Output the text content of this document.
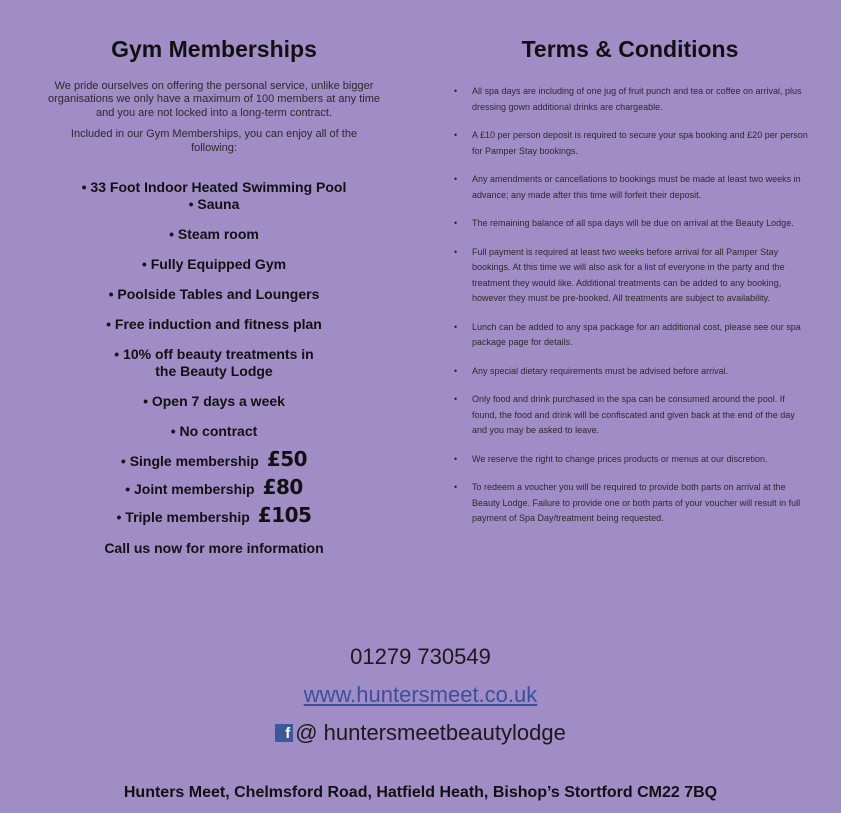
Gym Memberships

We pride ourselves on offering the personal service, unlike bigger organisations we only have a maximum of 100 members at any time and you are not locked into a long-term contract.

Included in our Gym Memberships, you can enjoy all of the following:

• 33 Foot Indoor Heated Swimming Pool
• Sauna
• Steam room
• Fully Equipped Gym
• Poolside Tables and Loungers
• Free induction and fitness plan
• 10% off beauty treatments in the Beauty Lodge
• Open 7 days a week
• No contract
• Single membership £50
• Joint membership £80
• Triple membership £105
Call us now for more information
Terms & Conditions
• All spa days are including of one jug of fruit punch and tea or coffee on arrival, plus dressing gown additional drinks are chargeable.
• A £10 per person deposit is required to secure your spa booking and £20 per person for Pamper Stay bookings.
• Any amendments or cancellations to bookings must be made at least two weeks in advance; any made after this time will forfeit their deposit.
• The remaining balance of all spa days will be due on arrival at the Beauty Lodge.
• Full payment is required at least two weeks before arrival for all Pamper Stay bookings. At this time we will also ask for a list of everyone in the party and the treatment they would like. Additional treatments can be added to any booking, however they must be pre-booked. All treatments are subject to availability.
• Lunch can be added to any spa package for an additional cost, please see our spa package page for details.
• Any special dietary requirements must be advised before arrival.
• Only food and drink purchased in the spa can be consumed around the pool. If found, the food and drink will be confiscated and given back at the end of the day and you may be asked to leave.
• We reserve the right to change prices products or menus at our discretion.
• To redeem a voucher you will be required to provide both parts on arrival at the Beauty Lodge. Failure to provide one or both parts of your voucher will result in full payment of Spa Day/treatment being requested.
01279 730549
www.huntersmeet.co.uk
f @ huntersmeetbeautylodge
Hunters Meet, Chelmsford Road, Hatfield Heath, Bishop’s Stortford CM22 7BQ
